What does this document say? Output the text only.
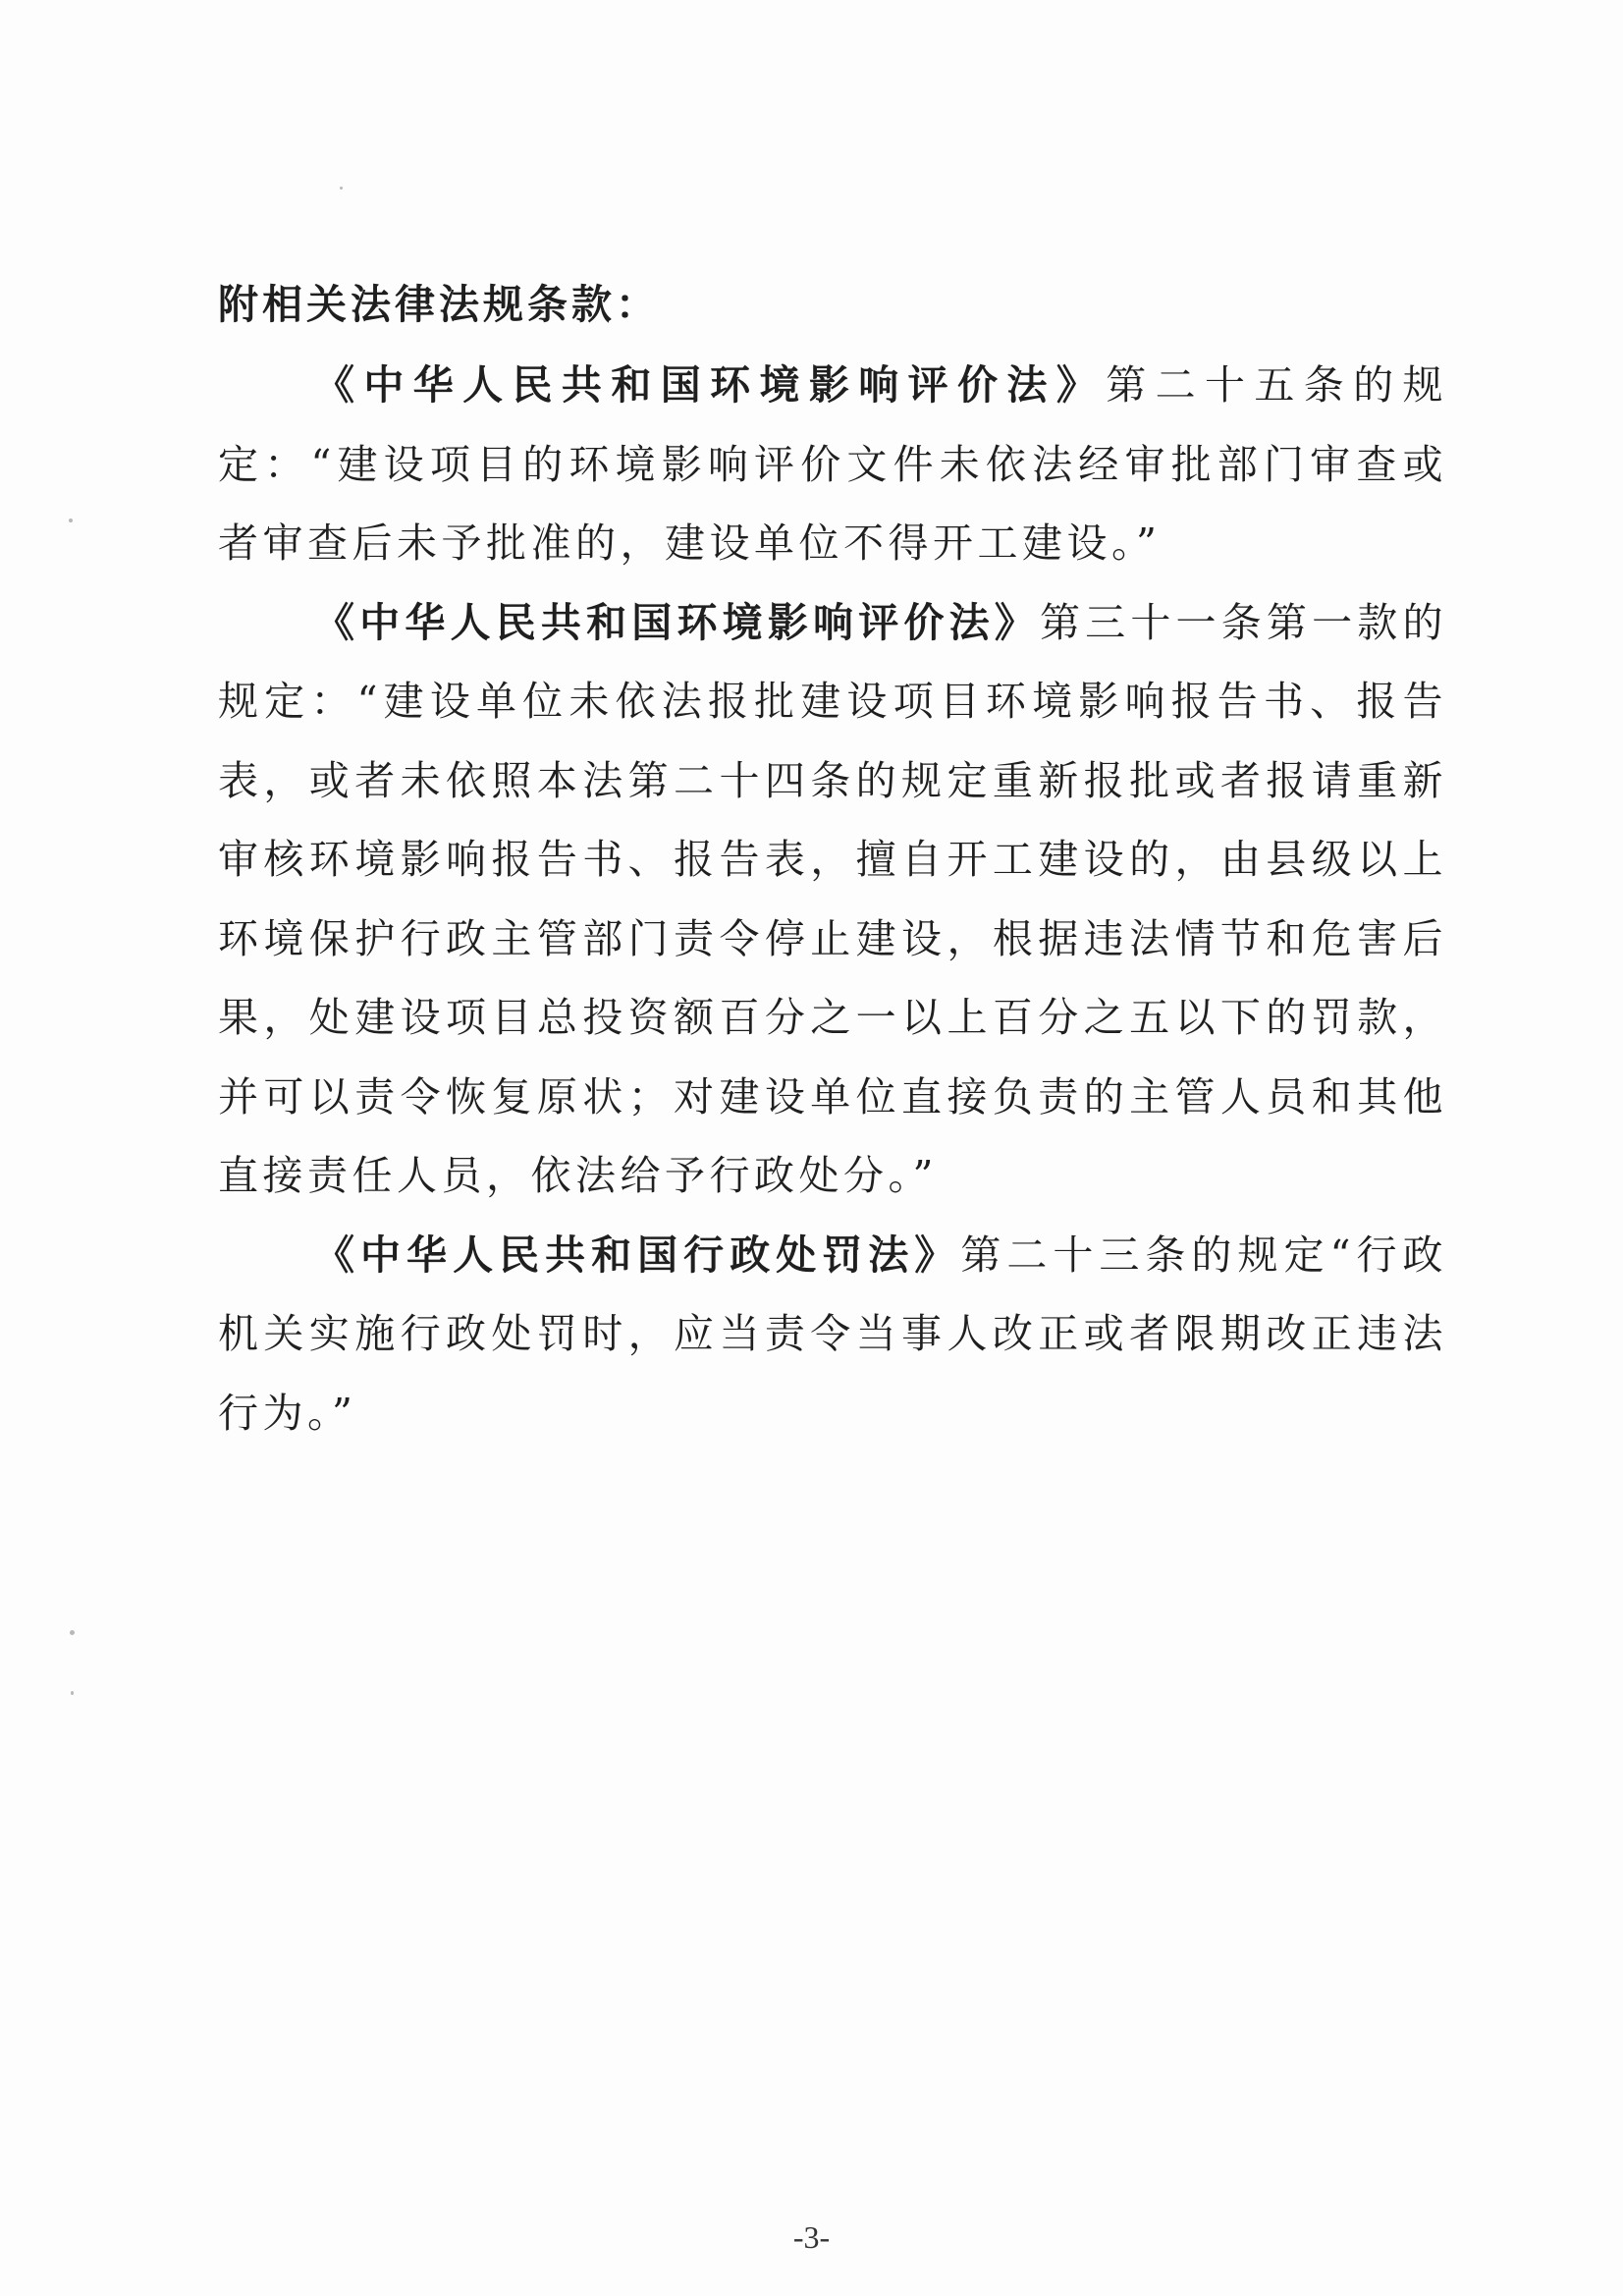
附相关法律法规条款：

《中华人民共和国环境影响评价法》第二十五条的规定：“建设项目的环境影响评价文件未依法经审批部门审查或者审查后未予批准的，建设单位不得开工建设。”

《中华人民共和国环境影响评价法》第三十一条第一款的规定：“建设单位未依法报批建设项目环境影响报告书、报告表，或者未依照本法第二十四条的规定重新报批或者报请重新审核环境影响报告书、报告表，擅自开工建设的，由县级以上环境保护行政主管部门责令停止建设，根据违法情节和危害后果，处建设项目总投资额百分之一以上百分之五以下的罚款，并可以责令恢复原状；对建设单位直接负责的主管人员和其他直接责任人员，依法给予行政处分。”

《中华人民共和国行政处罚法》第二十三条的规定“行政机关实施行政处罚时，应当责令当事人改正或者限期改正违法行为。”

-3-
